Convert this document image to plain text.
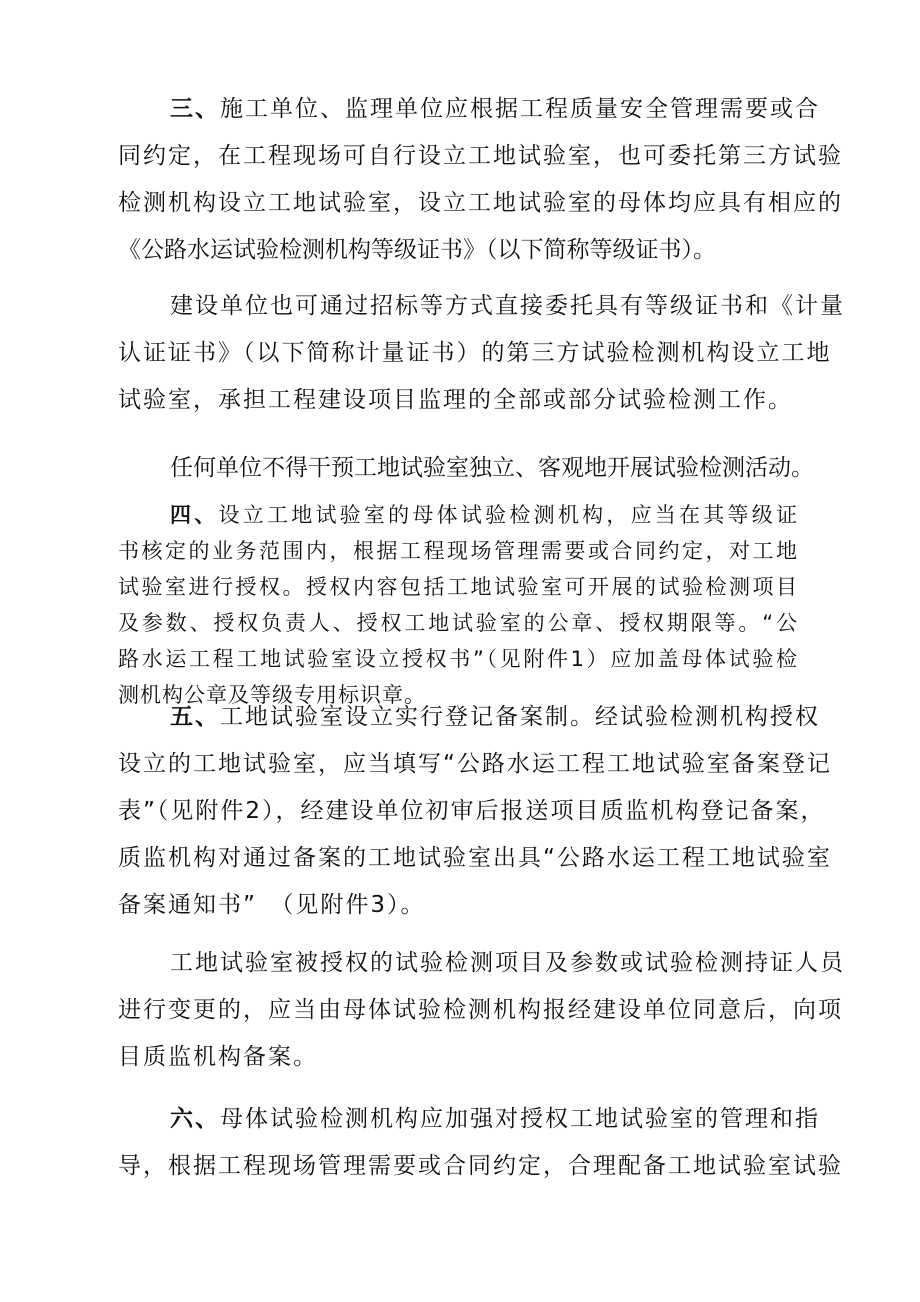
三、施工单位、监理单位应根据工程质量安全管理需要或合
同约定，在工程现场可自行设立工地试验室，也可委托第三方试验
检测机构设立工地试验室，设立工地试验室的母体均应具有相应的
《公路水运试验检测机构等级证书》（以下简称等级证书）。
建设单位也可通过招标等方式直接委托具有等级证书和《计量
认证证书》（以下简称计量证书）的第三方试验检测机构设立工地
试验室，承担工程建设项目监理的全部或部分试验检测工作。
任何单位不得干预工地试验室独立、客观地开展试验检测活动。
四、设立工地试验室的母体试验检测机构，应当在其等级证
书核定的业务范围内，根据工程现场管理需要或合同约定，对工地
试验室进行授权。授权内容包括工地试验室可开展的试验检测项目
及参数、授权负责人、授权工地试验室的公章、授权期限等。“公
路水运工程工地试验室设立授权书”（见附件1）应加盖母体试验检
测机构公章及等级专用标识章。
五、工地试验室设立实行登记备案制。经试验检测机构授权
设立的工地试验室，应当填写“公路水运工程工地试验室备案登记
表”（见附件2），经建设单位初审后报送项目质监机构登记备案，
质监机构对通过备案的工地试验室出具“公路水运工程工地试验室
备案通知书”　（见附件3）。
工地试验室被授权的试验检测项目及参数或试验检测持证人员
进行变更的，应当由母体试验检测机构报经建设单位同意后，向项
目质监机构备案。
六、母体试验检测机构应加强对授权工地试验室的管理和指
导，根据工程现场管理需要或合同约定，合理配备工地试验室试验
